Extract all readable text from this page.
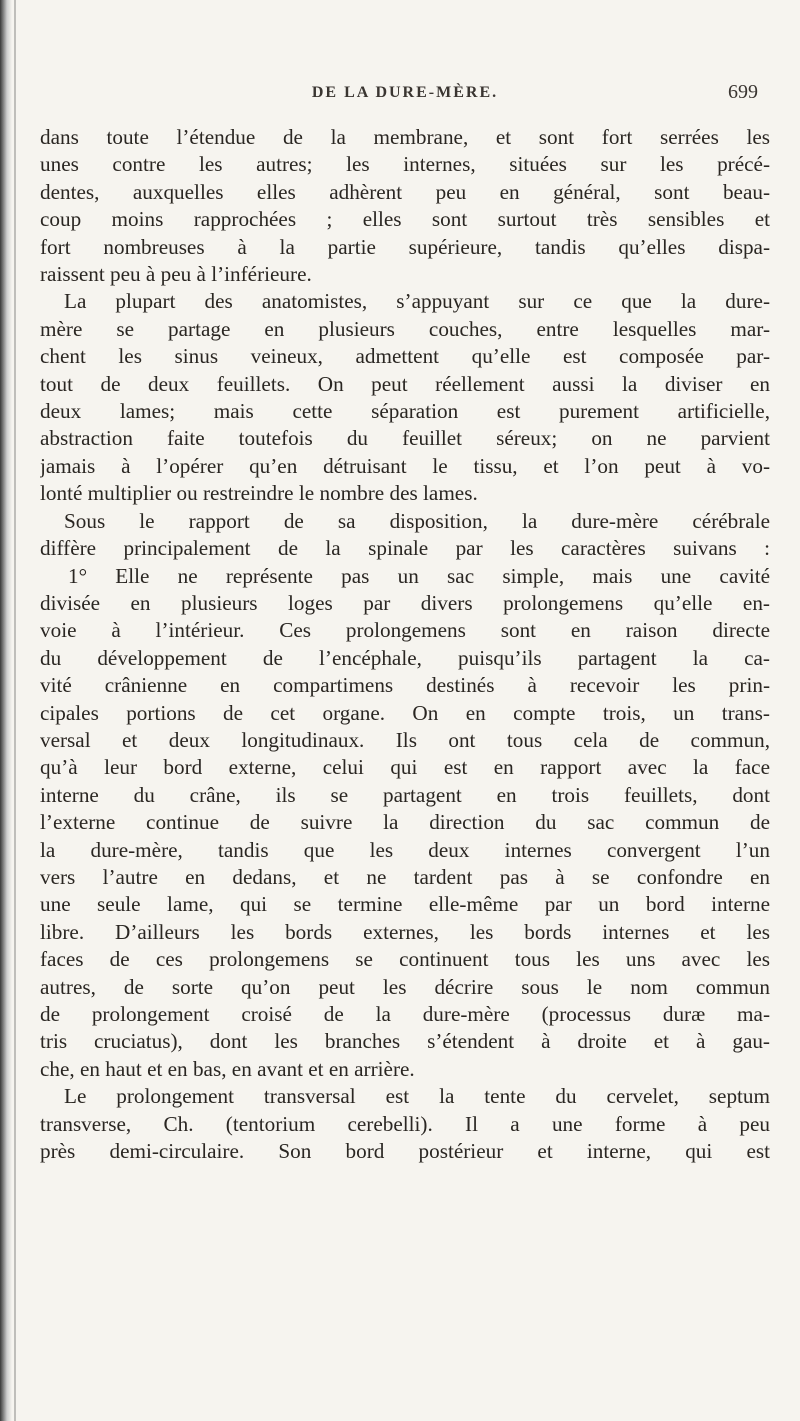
DE LA DURE-MÈRE.	699
dans toute l’étendue de la membrane, et sont fort serrées les
unes contre les autres; les internes, situées sur les précé-
dentes, auxquelles elles adhèrent peu en général, sont beau-
coup moins rapprochées ; elles sont surtout très sensibles et
fort nombreuses à la partie supérieure, tandis qu’elles dispa-
raissent peu à peu à l’inférieure.
La plupart des anatomistes, s’appuyant sur ce que la dure-
mère se partage en plusieurs couches, entre lesquelles mar-
chent les sinus veineux, admettent qu’elle est composée par-
tout de deux feuillets. On peut réellement aussi la diviser en
deux lames; mais cette séparation est purement artificielle,
abstraction faite toutefois du feuillet séreux; on ne parvient
jamais à l’opérer qu’en détruisant le tissu, et l’on peut à vo-
lonté multiplier ou restreindre le nombre des lames.
Sous le rapport de sa disposition, la dure-mère cérébrale
diffère principalement de la spinale par les caractères suivans :
1° Elle ne représente pas un sac simple, mais une cavité
divisée en plusieurs loges par divers prolongemens qu’elle en-
voie à l’intérieur. Ces prolongemens sont en raison directe
du développement de l’encéphale, puisqu’ils partagent la ca-
vité crânienne en compartimens destinés à recevoir les prin-
cipales portions de cet organe. On en compte trois, un trans-
versal et deux longitudinaux. Ils ont tous cela de commun,
qu’à leur bord externe, celui qui est en rapport avec la face
interne du crâne, ils se partagent en trois feuillets, dont
l’externe continue de suivre la direction du sac commun de
la dure-mère, tandis que les deux internes convergent l’un
vers l’autre en dedans, et ne tardent pas à se confondre en
une seule lame, qui se termine elle-même par un bord interne
libre. D’ailleurs les bords externes, les bords internes et les
faces de ces prolongemens se continuent tous les uns avec les
autres, de sorte qu’on peut les décrire sous le nom commun
de prolongement croisé de la dure-mère (processus duræ ma-
tris cruciatus), dont les branches s’étendent à droite et à gau-
che, en haut et en bas, en avant et en arrière.
Le prolongement transversal est la tente du cervelet, septum
transverse, Ch. (tentorium cerebelli). Il a une forme à peu
près demi-circulaire. Son bord postérieur et interne, qui est
